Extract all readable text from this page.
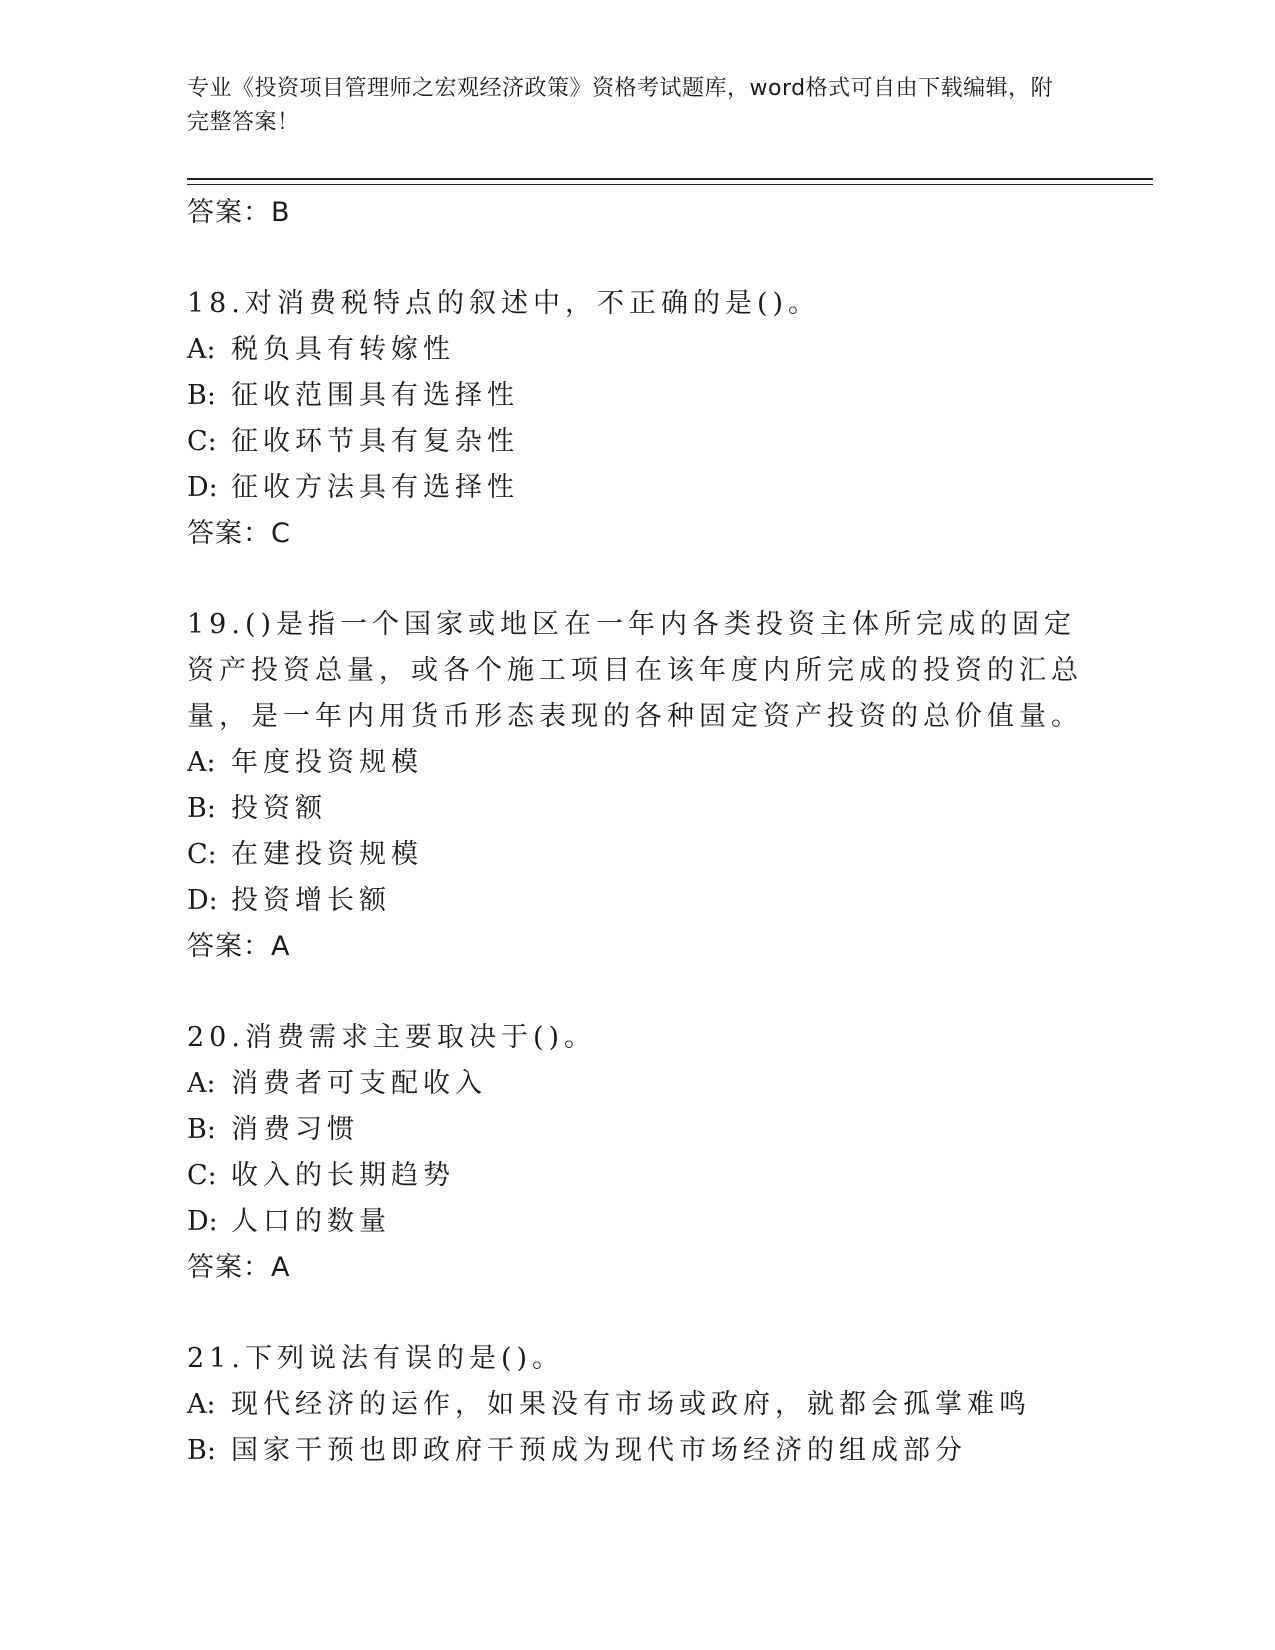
专业《投资项目管理师之宏观经济政策》资格考试题库，word格式可自由下载编辑，附完整答案！
答案：B
18.对消费税特点的叙述中，不正确的是()。
A: 税负具有转嫁性
B: 征收范围具有选择性
C: 征收环节具有复杂性
D: 征收方法具有选择性
答案：C
19.()是指一个国家或地区在一年内各类投资主体所完成的固定资产投资总量，或各个施工项目在该年度内所完成的投资的汇总量，是一年内用货币形态表现的各种固定资产投资的总价值量。
A: 年度投资规模
B: 投资额
C: 在建投资规模
D: 投资增长额
答案：A
20.消费需求主要取决于()。
A: 消费者可支配收入
B: 消费习惯
C: 收入的长期趋势
D: 人口的数量
答案：A
21.下列说法有误的是()。
A: 现代经济的运作，如果没有市场或政府，就都会孤掌难鸣
B: 国家干预也即政府干预成为现代市场经济的组成部分
